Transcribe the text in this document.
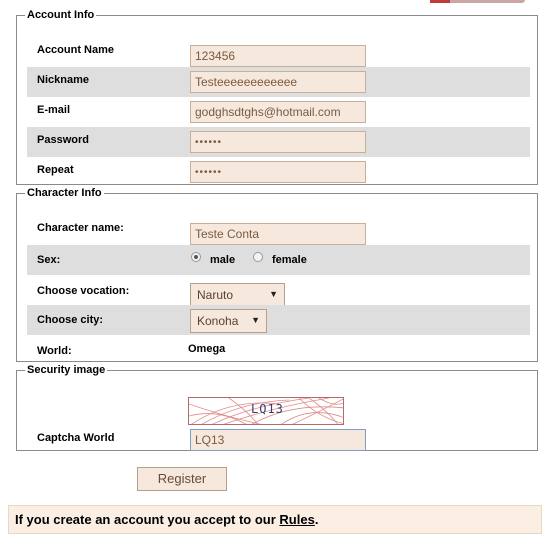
Account Info
Account Name	123456
Nickname	Testeeeeeeeeeeee
E-mail	godghsdtghs@hotmail.com
Password	••••••
Repeat	••••••
Character Info
Character name:	Teste Conta
Sex:	male	female
Choose vocation:	Naruto	▼
Choose city:	Konoha ▼
World:	Omega
Security image
LQ13
Captcha World	LQ13
Register
If you create an account you accept to our Rules.
